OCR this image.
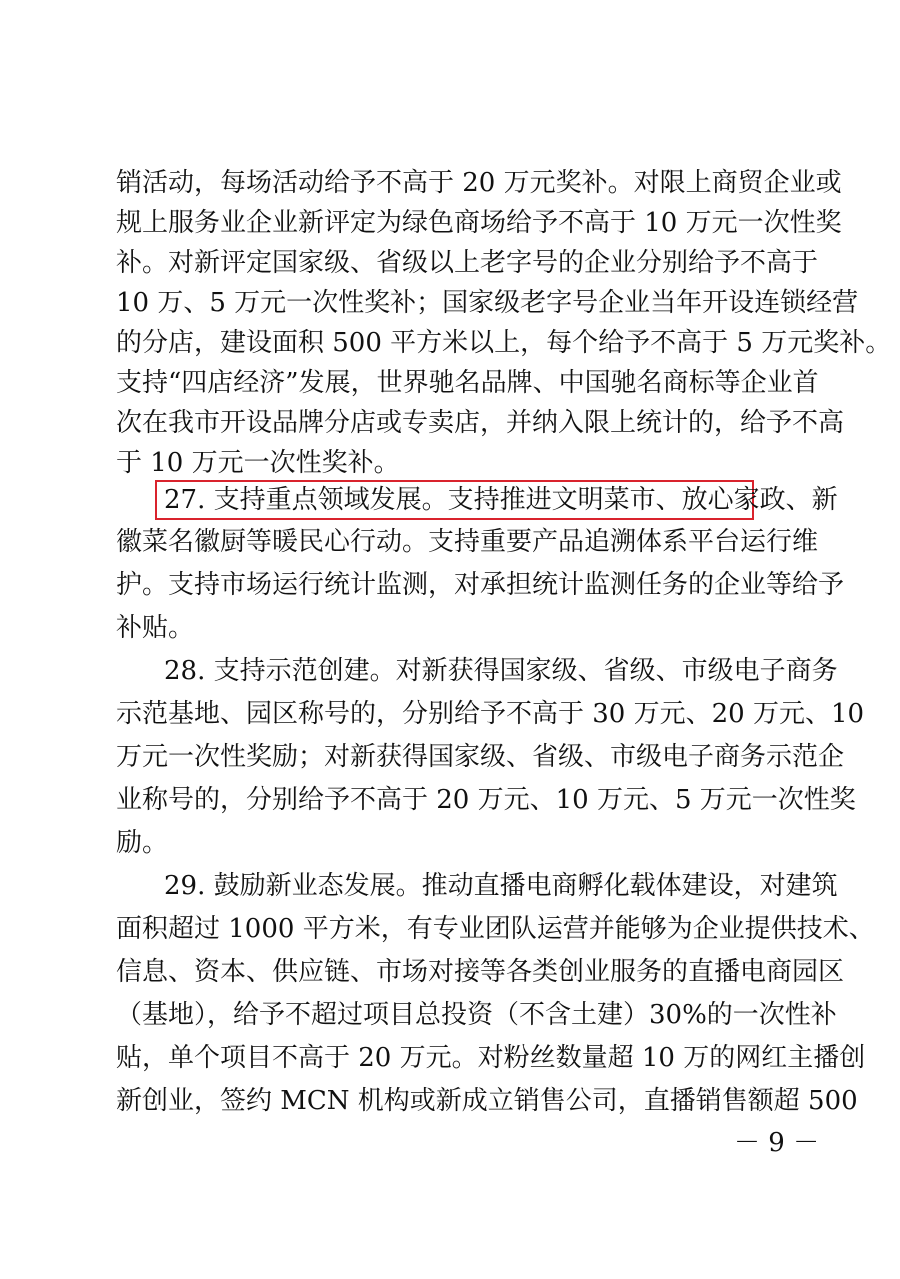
销活动，每场活动给予不高于 20 万元奖补。对限上商贸企业或
规上服务业企业新评定为绿色商场给予不高于 10 万元一次性奖
补。对新评定国家级、省级以上老字号的企业分别给予不高于
10 万、5 万元一次性奖补；国家级老字号企业当年开设连锁经营
的分店，建设面积 500 平方米以上，每个给予不高于 5 万元奖补。
支持“四店经济”发展，世界驰名品牌、中国驰名商标等企业首
次在我市开设品牌分店或专卖店，并纳入限上统计的，给予不高
于 10 万元一次性奖补。
27. 支持重点领域发展。支持推进文明菜市、放心家政、新
徽菜名徽厨等暖民心行动。支持重要产品追溯体系平台运行维
护。支持市场运行统计监测，对承担统计监测任务的企业等给予
补贴。
28. 支持示范创建。对新获得国家级、省级、市级电子商务
示范基地、园区称号的，分别给予不高于 30 万元、20 万元、10
万元一次性奖励；对新获得国家级、省级、市级电子商务示范企
业称号的，分别给予不高于 20 万元、10 万元、5 万元一次性奖
励。
29. 鼓励新业态发展。推动直播电商孵化载体建设，对建筑
面积超过 1000 平方米，有专业团队运营并能够为企业提供技术、
信息、资本、供应链、市场对接等各类创业服务的直播电商园区
（基地），给予不超过项目总投资（不含土建）30%的一次性补
贴，单个项目不高于 20 万元。对粉丝数量超 10 万的网红主播创
新创业，签约 MCN 机构或新成立销售公司，直播销售额超 500
－ 9 －
